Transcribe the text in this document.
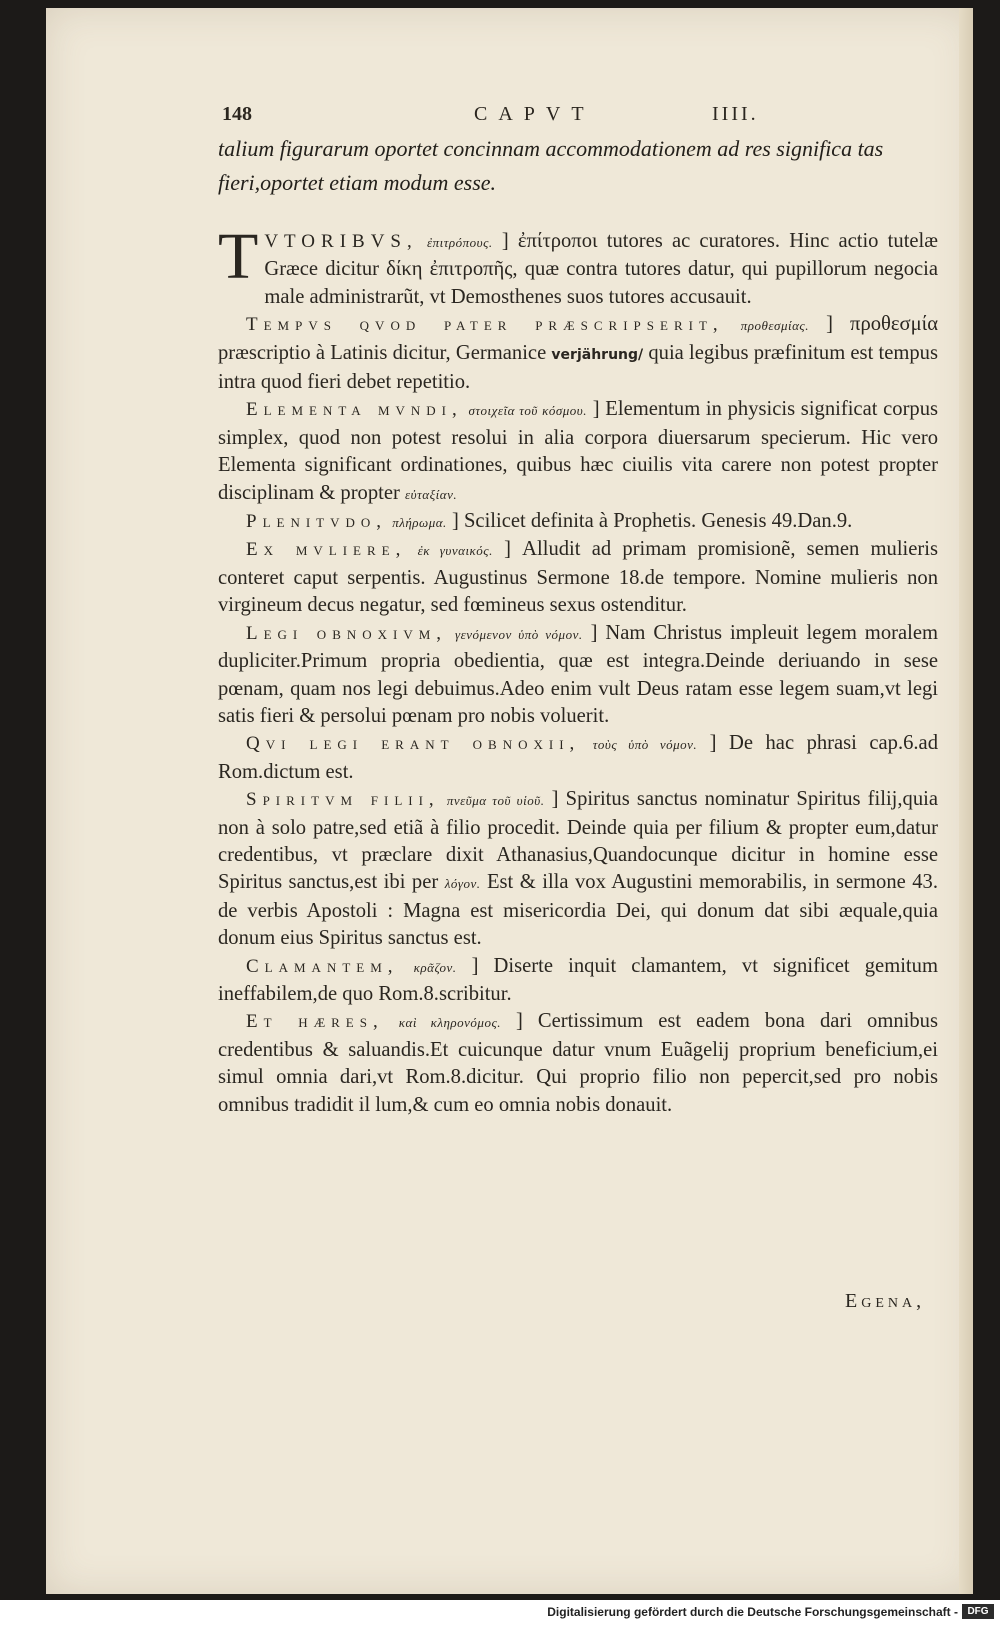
148	CAPVT	IIII.
talium figurarum oportet concinnam accommodationem ad res significa tas fieri,oportet etiam modum esse.

T VTORIBVS, ἐπιτρόπους. ] ἐπίτροποι tutores ac curatores. Hinc actio tutelæ Græce dicitur δίκη ἐπιτροπῆς, quæ contra tutores datur, qui pupillorum negocia male administrarũt, vt Demosthenes suos tutores accusauit.

Tempvs qvod pater præscripserit, προθεσμίας. ] προθεσμία præscriptio à Latinis dicitur, Germanice verjährung/ quia legibus præfinitum est tempus intra quod fieri debet repetitio.

Elementa mvndi, στοιχεῖα τοῦ κόσμου. ] Elementum in physicis significat corpus simplex, quod non potest resolui in alia corpora diuersarum specierum. Hic vero Elementa significant ordinationes, quibus hæc ciuilis vita carere non potest propter disciplinam & propter εὐταξίαν.

Plenitvdo, πλήρωμα. ] Scilicet definita à Prophetis. Genesis 49.Dan.9.

Ex mvliere, ἐκ γυναικός. ] Alludit ad primam promisionẽ, semen mulieris conteret caput serpentis. Augustinus Sermone 18.de tempore. Nomine mulieris non virgineum decus negatur, sed fœmineus sexus ostenditur.

Legi obnoxivm, γενόμενον ὑπὸ νόμον. ] Nam Christus impleuit legem moralem dupliciter.Primum propria obedientia, quæ est integra.Deinde deriuando in sese pœnam, quam nos legi debuimus.Adeo enim vult Deus ratam esse legem suam,vt legi satis fieri & persolui pœnam pro nobis voluerit.

Qvi legi erant obnoxii, τοὺς ὑπὸ νόμον. ] De hac phrasi cap.6.ad Rom.dictum est.

Spiritvm filii, πνεῦμα τοῦ υἱοῦ. ] Spiritus sanctus nominatur Spiritus filij,quia non à solo patre,sed etiã à filio procedit. Deinde quia per filium & propter eum,datur credentibus, vt præclare dixit Athanasius,Quandocunque dicitur in homine esse Spiritus sanctus,est ibi per λόγον. Est & illa vox Augustini memorabilis, in sermone 43. de verbis Apostoli : Magna est misericordia Dei, qui donum dat sibi æquale,quia donum eius Spiritus sanctus est.

Clamantem, κρᾶζον. ] Diserte inquit clamantem, vt significet gemitum ineffabilem,de quo Rom.8.scribitur.

Et hæres, καὶ κληρονόμος. ] Certissimum est eadem bona dari omnibus credentibus & saluandis.Et cuicunque datur vnum Euãgelij proprium beneficium,ei simul omnia dari,vt Rom.8.dicitur. Qui proprio filio non pepercit,sed pro nobis omnibus tradidit il lum,& cum eo omnia nobis donauit.

Egena,
Digitalisierung gefördert durch die Deutsche Forschungsgemeinschaft - DFG
